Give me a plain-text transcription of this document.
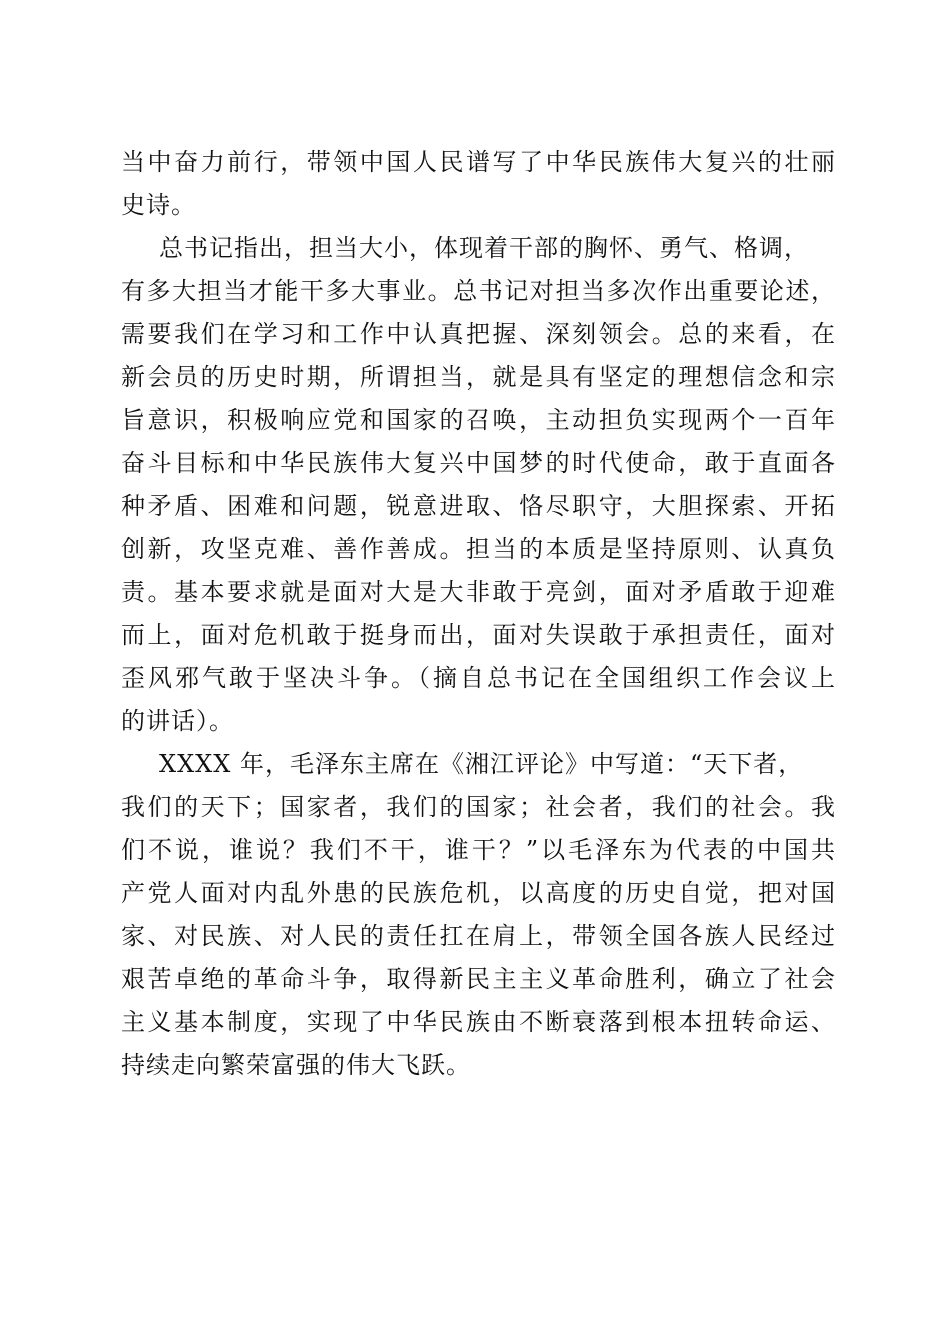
当中奋力前行，带领中国人民谱写了中华民族伟大复兴的壮丽
史诗。
总书记指出，担当大小，体现着干部的胸怀、勇气、格调，
有多大担当才能干多大事业。总书记对担当多次作出重要论述，
需要我们在学习和工作中认真把握、深刻领会。总的来看，在
新会员的历史时期，所谓担当，就是具有坚定的理想信念和宗
旨意识，积极响应党和国家的召唤，主动担负实现两个一百年
奋斗目标和中华民族伟大复兴中国梦的时代使命，敢于直面各
种矛盾、困难和问题，锐意进取、恪尽职守，大胆探索、开拓
创新，攻坚克难、善作善成。担当的本质是坚持原则、认真负
责。基本要求就是面对大是大非敢于亮剑，面对矛盾敢于迎难
而上，面对危机敢于挺身而出，面对失误敢于承担责任，面对
歪风邪气敢于坚决斗争。（摘自总书记在全国组织工作会议上
的讲话）。
XXXX 年，毛泽东主席在《湘江评论》中写道：“天下者，
我们的天下；国家者，我们的国家；社会者，我们的社会。我
们不说，谁说？我们不干，谁干？”以毛泽东为代表的中国共
产党人面对内乱外患的民族危机，以高度的历史自觉，把对国
家、对民族、对人民的责任扛在肩上，带领全国各族人民经过
艰苦卓绝的革命斗争，取得新民主主义革命胜利，确立了社会
主义基本制度，实现了中华民族由不断衰落到根本扭转命运、
持续走向繁荣富强的伟大飞跃。
